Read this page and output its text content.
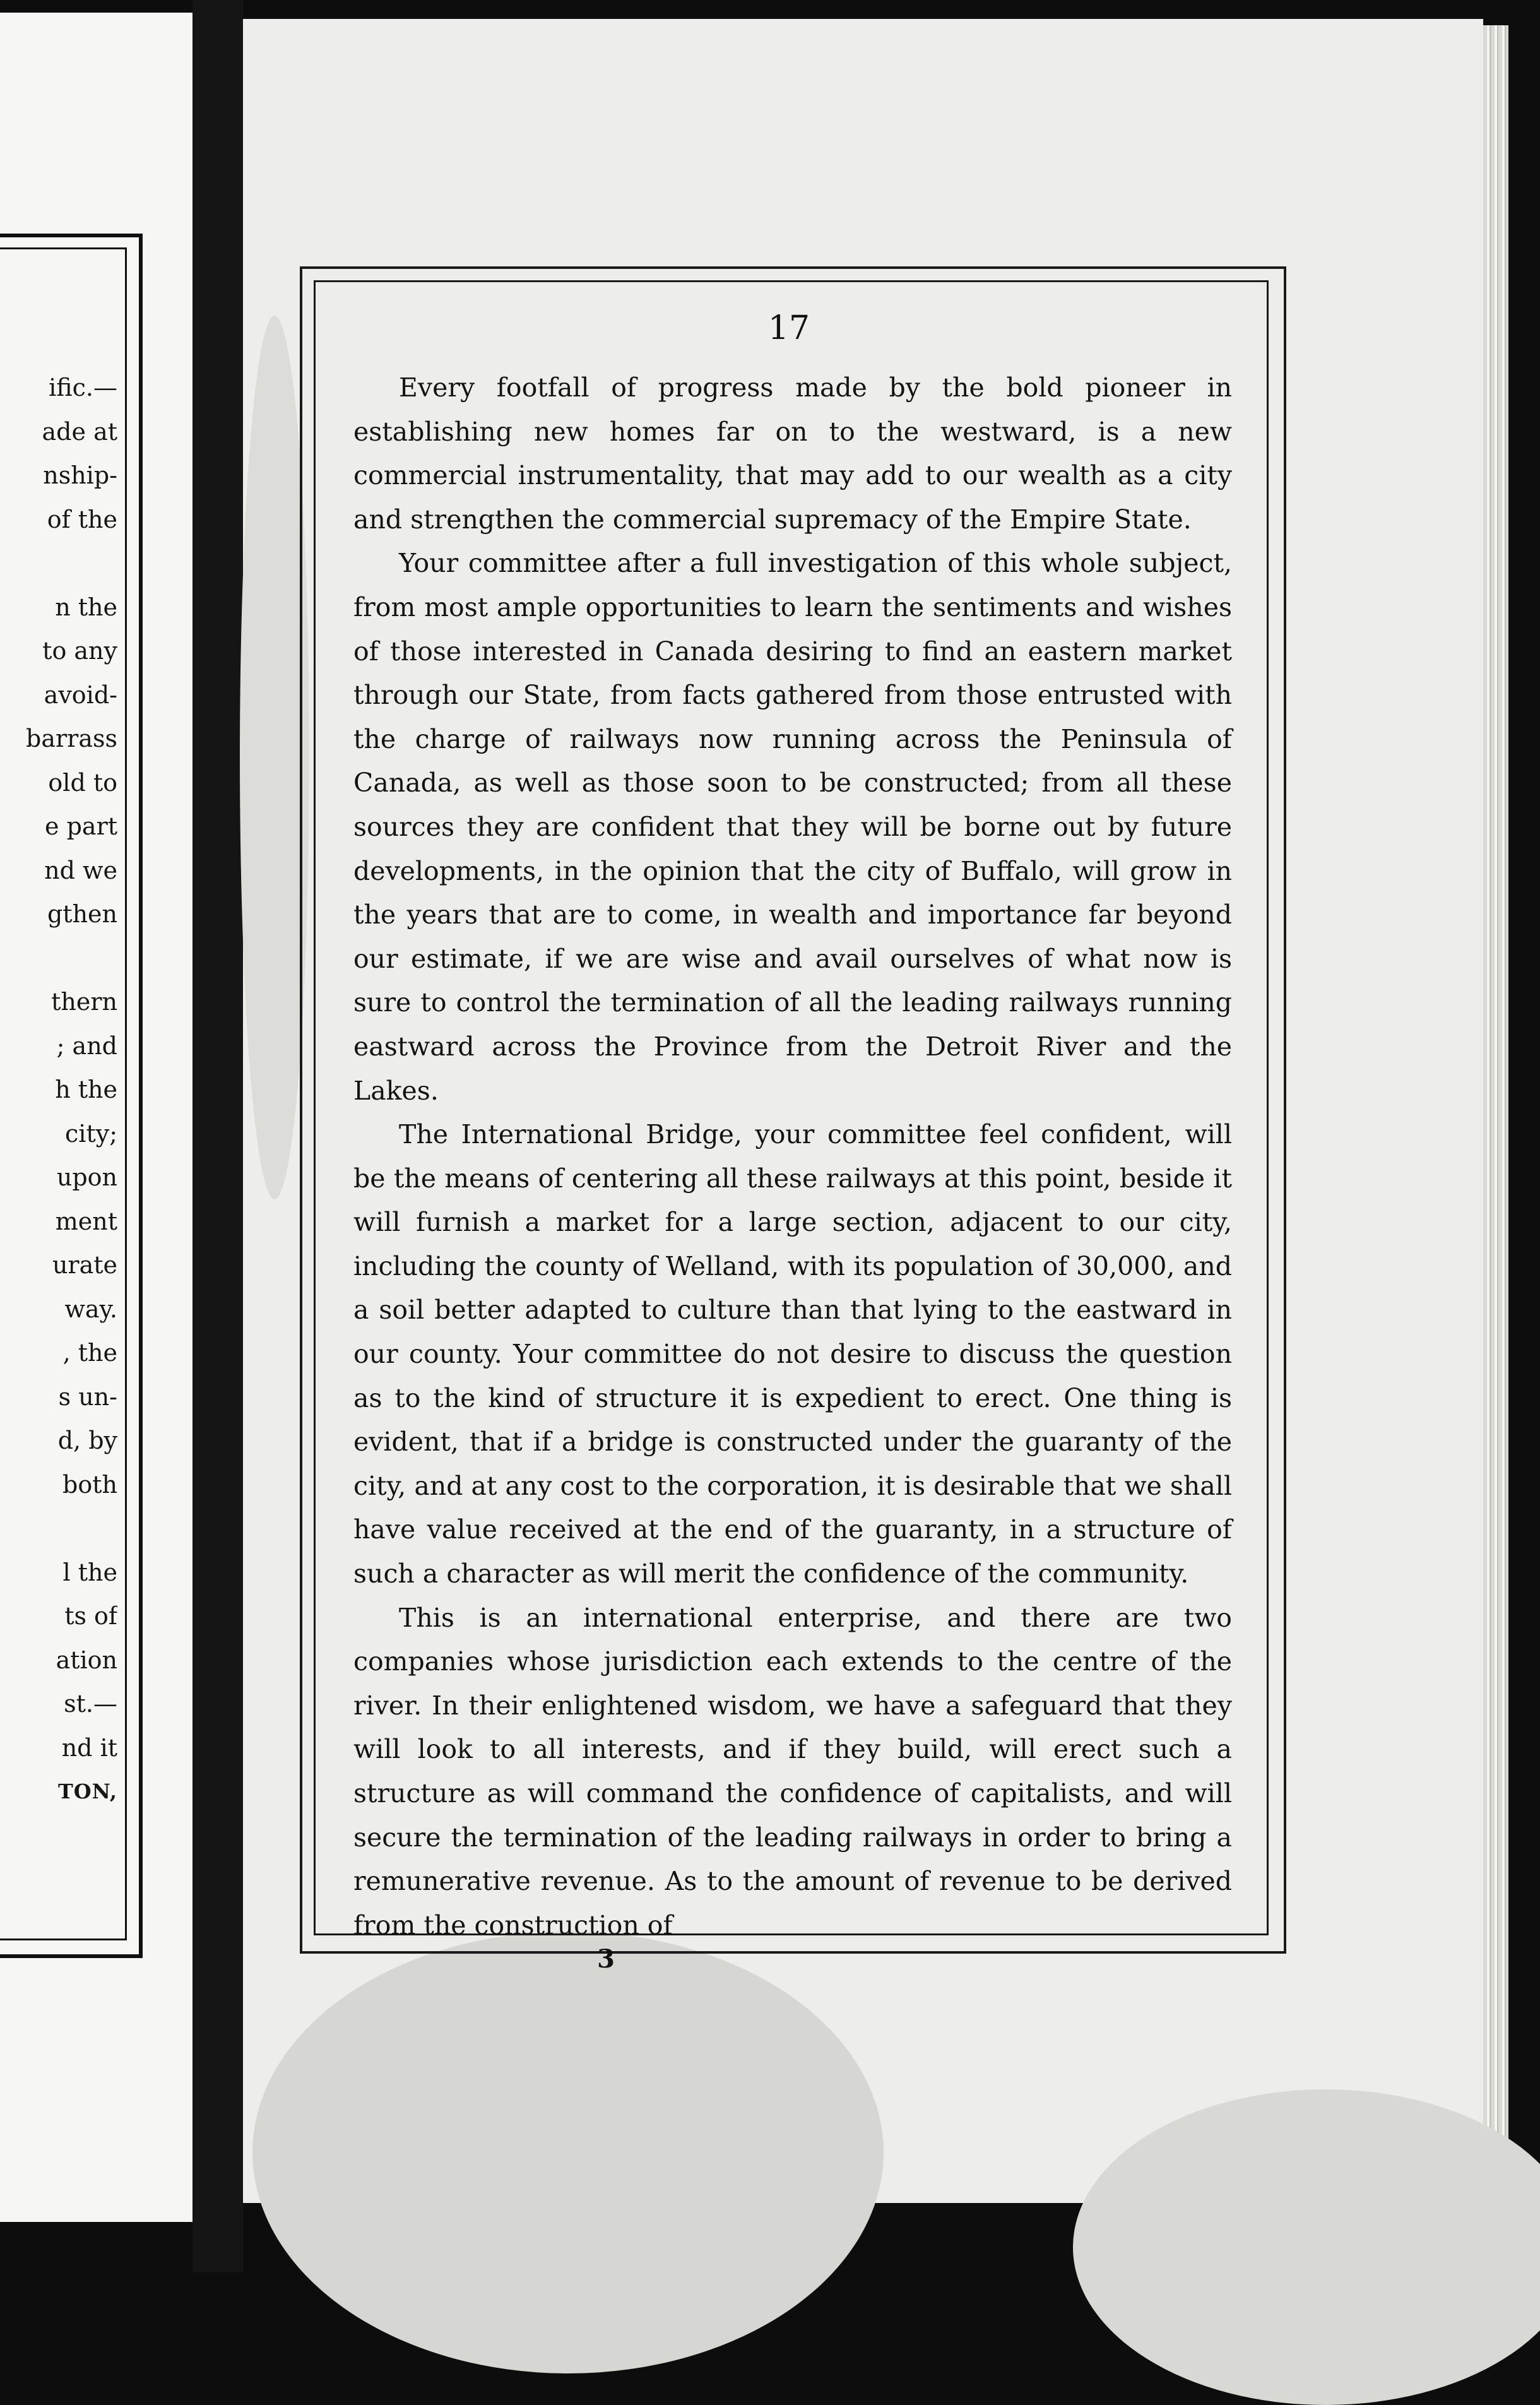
ific.—
ade at
nship-
of the
n the
to any
avoid-
barrass
old to
e part
nd we
gthen
thern
; and
h the
city;
upon
ment
urate
way.
, the
s un-
d, by
both
l the
ts of
ation
st.—
nd it
TON,
17

Every footfall of progress made by the bold pioneer in establishing new homes far on to the westward, is a new commercial instrumentality, that may add to our wealth as a city and strengthen the commercial supremacy of the Empire State.

Your committee after a full investigation of this whole subject, from most ample opportunities to learn the sentiments and wishes of those interested in Canada desiring to find an eastern market through our State, from facts gathered from those entrusted with the charge of railways now running across the Peninsula of Canada, as well as those soon to be constructed; from all these sources they are confident that they will be borne out by future developments, in the opinion that the city of Buffalo, will grow in the years that are to come, in wealth and importance far beyond our estimate, if we are wise and avail ourselves of what now is sure to control the termination of all the leading railways running eastward across the Province from the Detroit River and the Lakes.

The International Bridge, your committee feel confident, will be the means of centering all these railways at this point, beside it will furnish a market for a large section, adjacent to our city, including the county of Welland, with its population of 30,000, and a soil better adapted to culture than that lying to the eastward in our county. Your committee do not desire to discuss the question as to the kind of structure it is expedient to erect. One thing is evident, that if a bridge is constructed under the guaranty of the city, and at any cost to the corporation, it is desirable that we shall have value received at the end of the guaranty, in a structure of such a character as will merit the confidence of the community.

This is an international enterprise, and there are two companies whose jurisdiction each extends to the centre of the river. In their enlightened wisdom, we have a safeguard that they will look to all interests, and if they build, will erect such a structure as will command the confidence of capitalists, and will secure the termination of the leading railways in order to bring a remunerative revenue. As to the amount of revenue to be derived from the construction of

3
